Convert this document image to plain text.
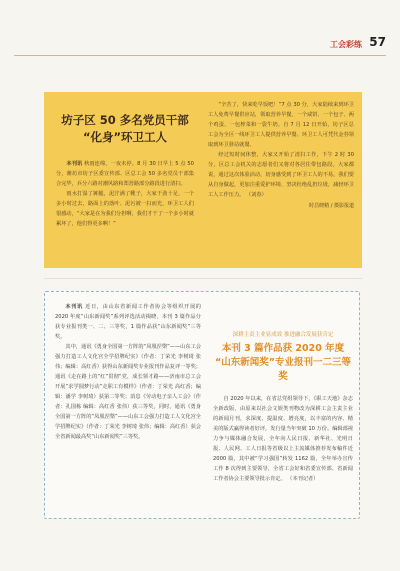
工会彩练 57
坊子区 50 多名党员干部
“化身”环卫工人

本刊讯 秋雨连绵，一夜未停。8 月 30 日早上 5 点 50 分，潍坊市坊子区委宣传部、区总工会 50 多名党员干部集合完毕，兵分六路对潮风路和郑营路部分路段进行清扫。

雨水打湿了裤腿，泥泞满了靴子，大家干劲十足，一个多小时过去，路面上的落叶、泥污被一扫而光，环卫工人们很感动，“大家是在为我们分担啊，我们才干了一个多小时就累坏了，他们得更多啊！”

“辛苦了，快来吃早饭吧！”7 点 30 分，大家陆续来到环卫工人免费早餐供应站，领取营养早餐，一个咸饼、一个包子、两个鸡蛋、一包榨菜和一袋牛奶。自 7 月 12 日开始，坊子区总工会为全区一线环卫工人提供营养早餐。环卫工人可凭代金券领取到环卫驿站就餐。

经过短时间休整，大家又开始了清扫工作，下午 2 时 30 分，区总工会机关的志愿者们又将对各居住带包路段。大家都说，通过这次体验活动，切身感受到了环卫工人的不易，我们要从自身做起，更加注重爱护环境、坚决杜绝乱扔垃圾，减轻环卫工人工作压力。 （刘春）

时昌晓精 / 摄影报道

本刊讯 近日，由山东省新闻工作者协会等组织开展的 2020 年度“山东新闻奖”系列评选活动揭晓，本刊 3 篇作品分获专业报刊类一、二、三等奖，1 篇作品获“山东新闻奖”三等奖。

其中，通讯《勇身全国第一方阵的“凤凰涅槃”——山东工会强力打造工人文化宫全学招牌纪实》（作者：丁荣光 李树琦 张伟；编辑：高红香）获得山东新闻奖专业报刊作品复评一等奖；通讯《走在路上的“红”贯彻“党，成长领才路——济南市总工会开展“求学圆梦行动”走职工有模样》（作者：丁荣光 高红香；编辑：潘学 李树琦）获第二等奖；消息《劳动电子亲人工会》（作者：孔国栋 编辑：高红香 张伟）获三等奖，同时，通讯《勇身全国第一方阵的“凤凰涅槃”——山东工会强力打造工人文化宫全学招牌纪实》（作者：丁荣光 李树琦 张伟；编辑：高红香）获会全省新闻最高奖“山东新闻奖”三等奖。

深耕主责主业显成效 推进融合发展获肯定
本刊 3 篇作品获 2020 年度
“山东新闻奖”专业报刊一二三等奖

自 2020 年以来，在省总党组领导下，《职工天地》杂志全新改版，由原来以社会文娱类刊物改为深耕工会主责主业的新闻月刊，求深度、提温度、增亮度，以丰富的内容、精美的版式赢得读者好评，发行量当年突破 10 万份。编辑部视力争与媒体融合发展，全年向人民日报、新华社、光明日报、人民网、工人日报等省级以上主流媒体推荐发布稿件近 2000 篇，其中被“学习强国”转发 1162 篇，全年举办宣传工作 8 次得到主要领导，全省工会好和省委宣传部、省新闻工作者协会主要领导批示肯定。 （本刊记者）
